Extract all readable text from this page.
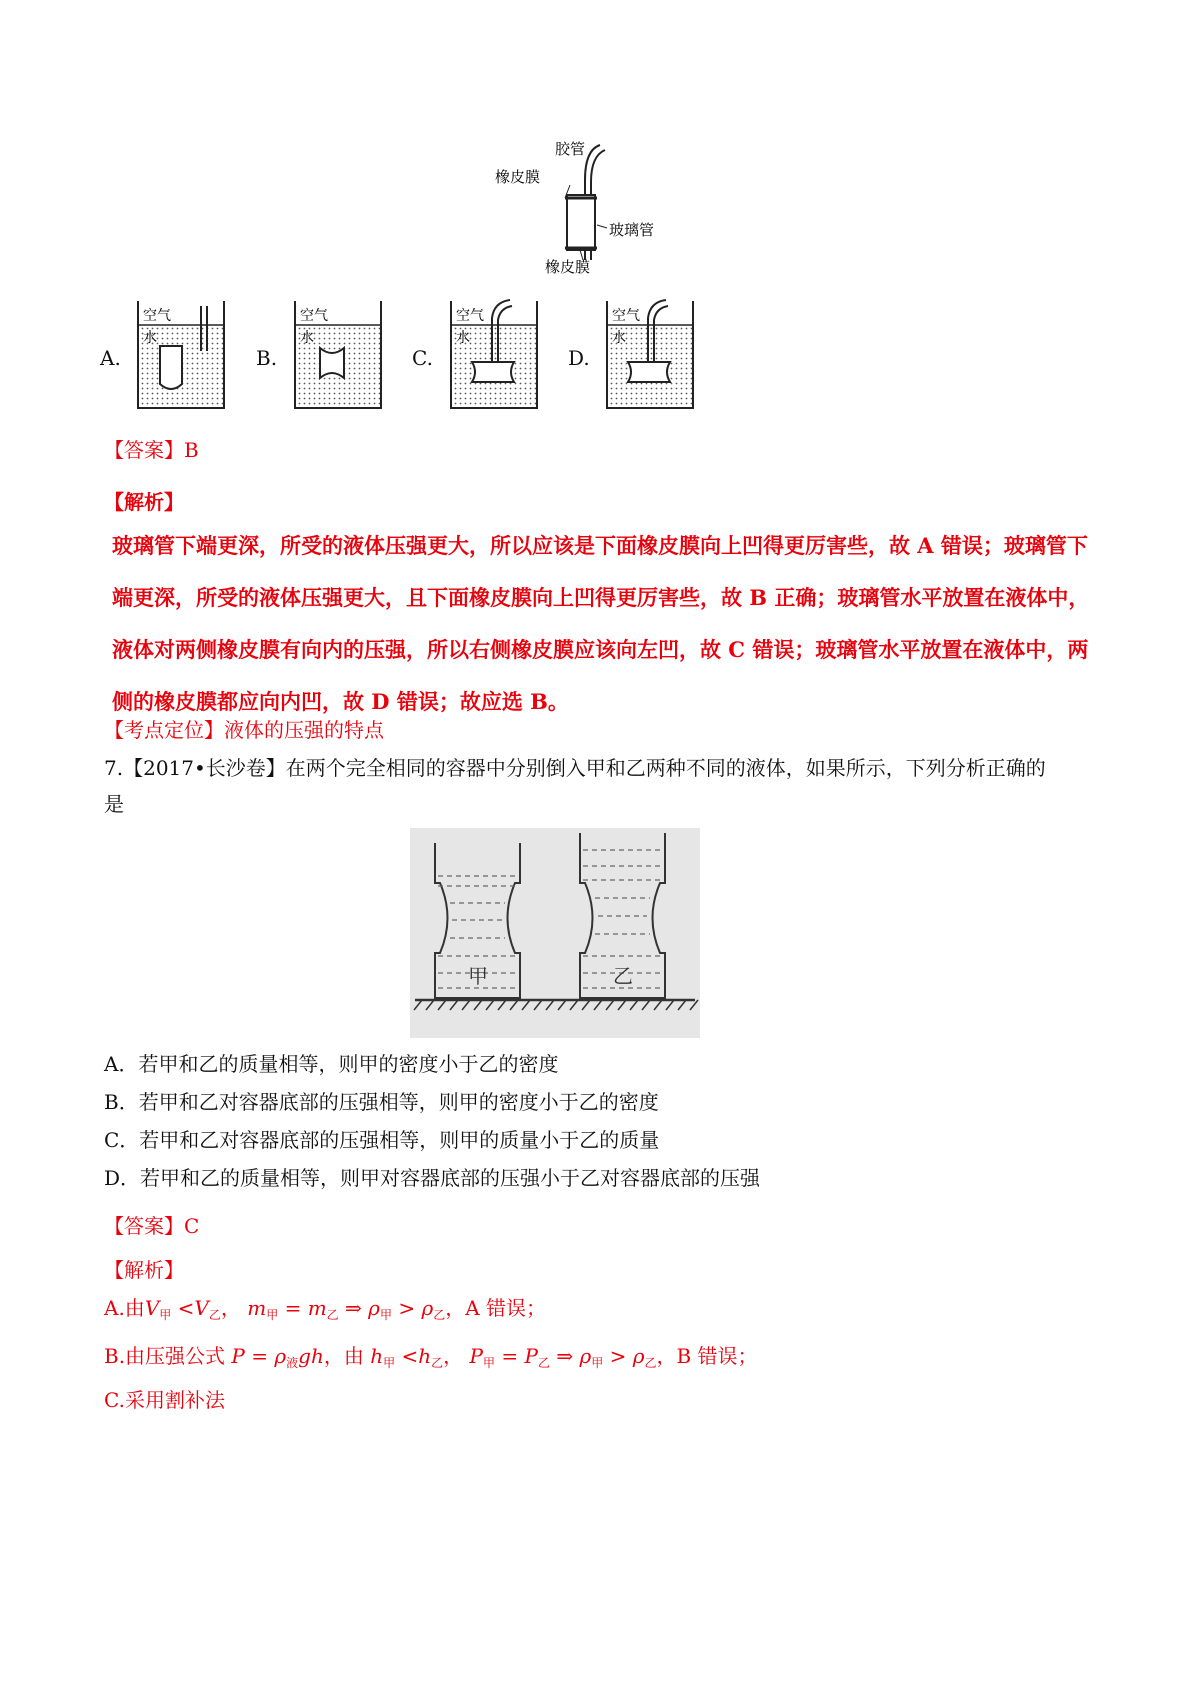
胶管
橡皮膜
玻璃管
橡皮膜
A.
空气
水
B.
空气
水
C.
空气
水
D.
空气
水
【答案】B
【解析】
玻璃管下端更深，所受的液体压强更大，所以应该是下面橡皮膜向上凹得更厉害些，故 A 错误；玻璃管下
端更深，所受的液体压强更大，且下面橡皮膜向上凹得更厉害些，故 B 正确；玻璃管水平放置在液体中，
液体对两侧橡皮膜有向内的压强，所以右侧橡皮膜应该向左凹，故 C 错误；玻璃管水平放置在液体中，两
侧的橡皮膜都应向内凹，故 D 错误；故应选 B。
【考点定位】液体的压强的特点
7.【2017•长沙卷】在两个完全相同的容器中分别倒入甲和乙两种不同的液体，如果所示，下列分析正确的
是
甲	乙
A．若甲和乙的质量相等，则甲的密度小于乙的密度
B．若甲和乙对容器底部的压强相等，则甲的密度小于乙的密度
C．若甲和乙对容器底部的压强相等，则甲的质量小于乙的质量
D．若甲和乙的质量相等，则甲对容器底部的压强小于乙对容器底部的压强
【答案】C
【解析】
A.由$V_甲 <V_乙$， $m_甲 = m_乙$ ⇒ $\rho_甲 > \rho_乙$，A 错误；
B.由压强公式 $P = \rho_液gh$，由 $h_甲 <h_乙$， $P_甲 = P_乙$ ⇒ $\rho_甲 > \rho_乙$，B 错误；
C.采用割补法
